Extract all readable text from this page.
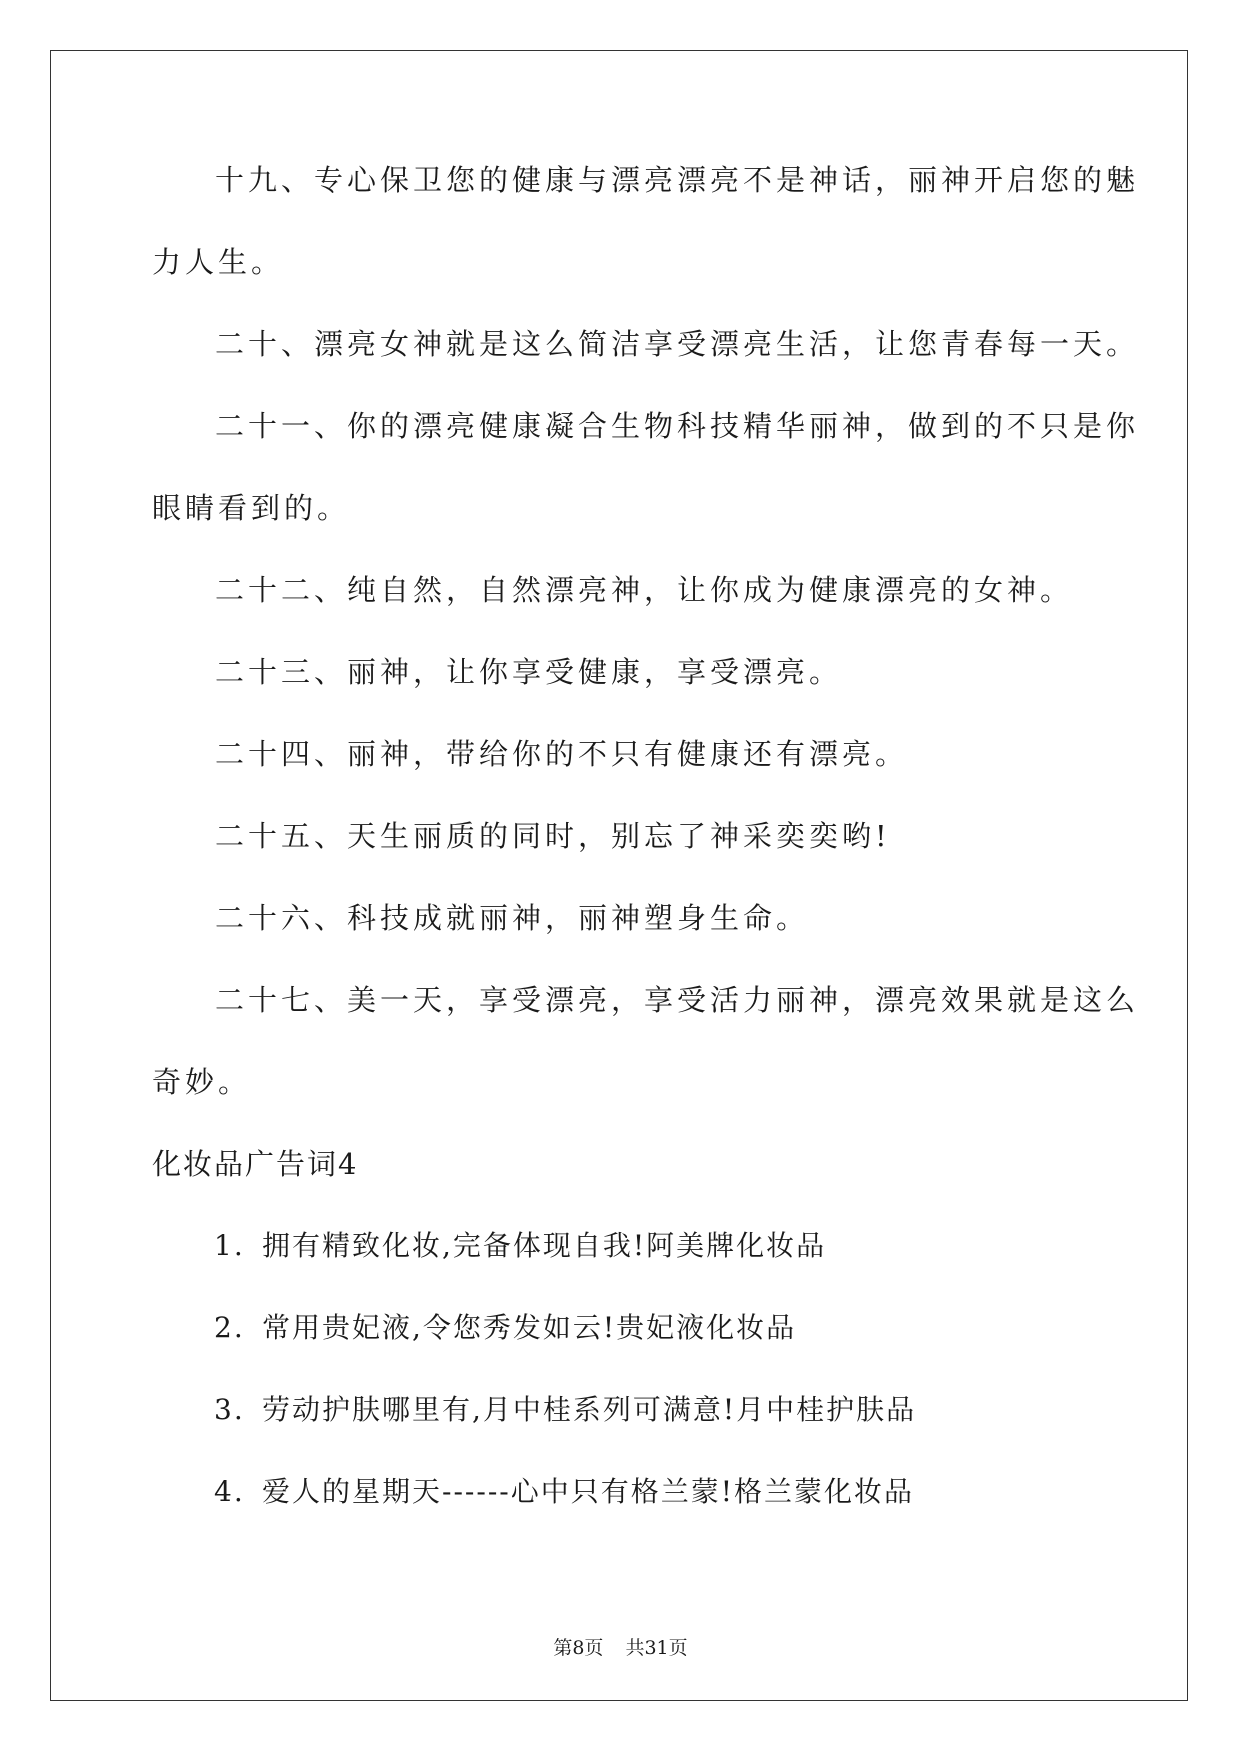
十九、专心保卫您的健康与漂亮漂亮不是神话，丽神开启您的魅
力人生。

二十、漂亮女神就是这么简洁享受漂亮生活，让您青春每一天。

二十一、你的漂亮健康凝合生物科技精华丽神，做到的不只是你
眼睛看到的。

二十二、纯自然，自然漂亮神，让你成为健康漂亮的女神。

二十三、丽神，让你享受健康，享受漂亮。

二十四、丽神，带给你的不只有健康还有漂亮。

二十五、天生丽质的同时，别忘了神采奕奕哟!

二十六、科技成就丽神，丽神塑身生命。

二十七、美一天，享受漂亮，享受活力丽神，漂亮效果就是这么
奇妙。

化妆品广告词4

1. 拥有精致化妆,完备体现自我!阿美牌化妆品

2. 常用贵妃液,令您秀发如云!贵妃液化妆品

3. 劳动护肤哪里有,月中桂系列可满意!月中桂护肤品

4. 爱人的星期天------心中只有格兰蒙!格兰蒙化妆品

第8页 共31页
